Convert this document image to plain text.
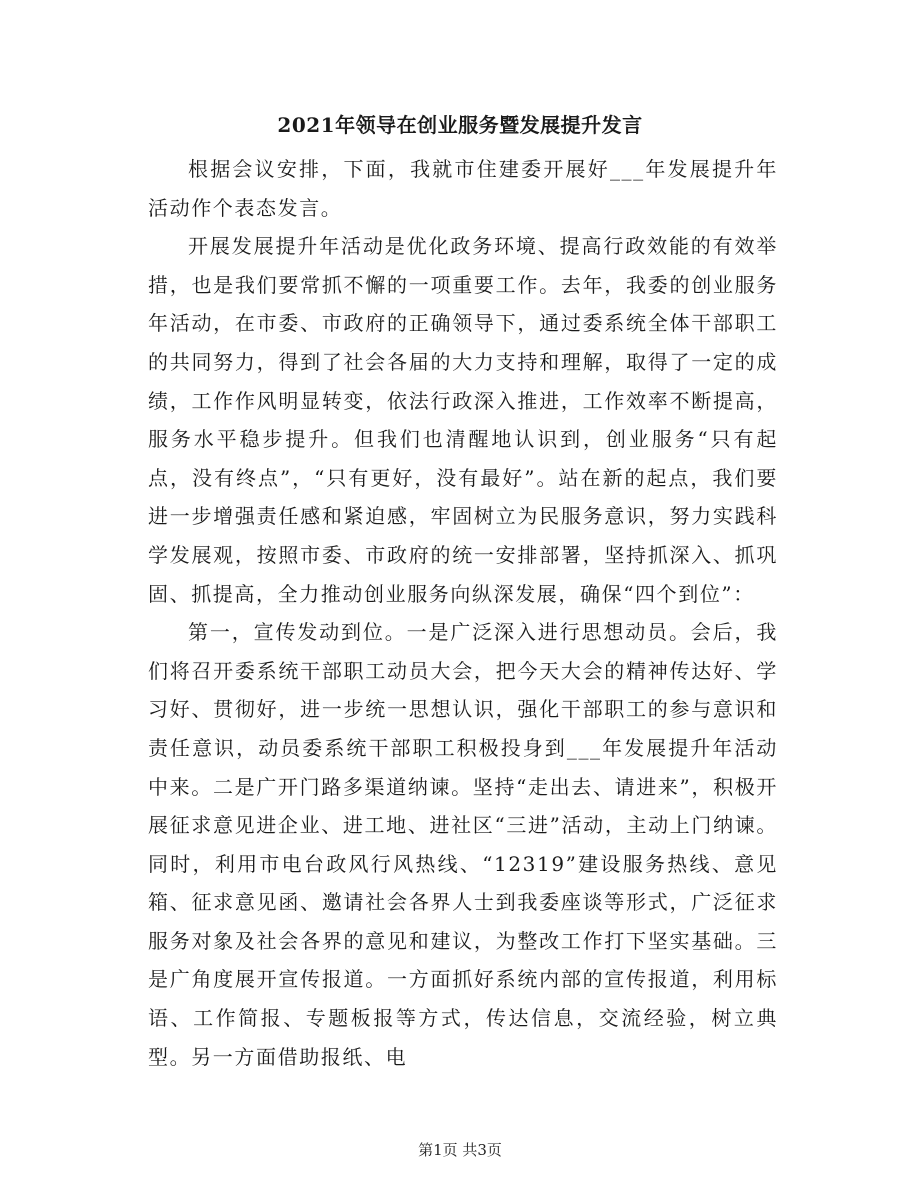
2021年领导在创业服务暨发展提升发言

根据会议安排，下面，我就市住建委开展好___年发展提升年活动作个表态发言。

开展发展提升年活动是优化政务环境、提高行政效能的有效举措，也是我们要常抓不懈的一项重要工作。去年，我委的创业服务年活动，在市委、市政府的正确领导下，通过委系统全体干部职工的共同努力，得到了社会各届的大力支持和理解，取得了一定的成绩，工作作风明显转变，依法行政深入推进，工作效率不断提高，服务水平稳步提升。但我们也清醒地认识到，创业服务“只有起点，没有终点”，“只有更好，没有最好”。站在新的起点，我们要进一步增强责任感和紧迫感，牢固树立为民服务意识，努力实践科学发展观，按照市委、市政府的统一安排部署，坚持抓深入、抓巩固、抓提高，全力推动创业服务向纵深发展，确保“四个到位”：

第一，宣传发动到位。一是广泛深入进行思想动员。会后，我们将召开委系统干部职工动员大会，把今天大会的精神传达好、学习好、贯彻好，进一步统一思想认识，强化干部职工的参与意识和责任意识，动员委系统干部职工积极投身到___年发展提升年活动中来。二是广开门路多渠道纳谏。坚持“走出去、请进来”，积极开展征求意见进企业、进工地、进社区“三进”活动，主动上门纳谏。同时，利用市电台政风行风热线、“12319”建设服务热线、意见箱、征求意见函、邀请社会各界人士到我委座谈等形式，广泛征求服务对象及社会各界的意见和建议，为整改工作打下坚实基础。三是广角度展开宣传报道。一方面抓好系统内部的宣传报道，利用标语、工作简报、专题板报等方式，传达信息，交流经验，树立典型。另一方面借助报纸、电

第1页 共3页
